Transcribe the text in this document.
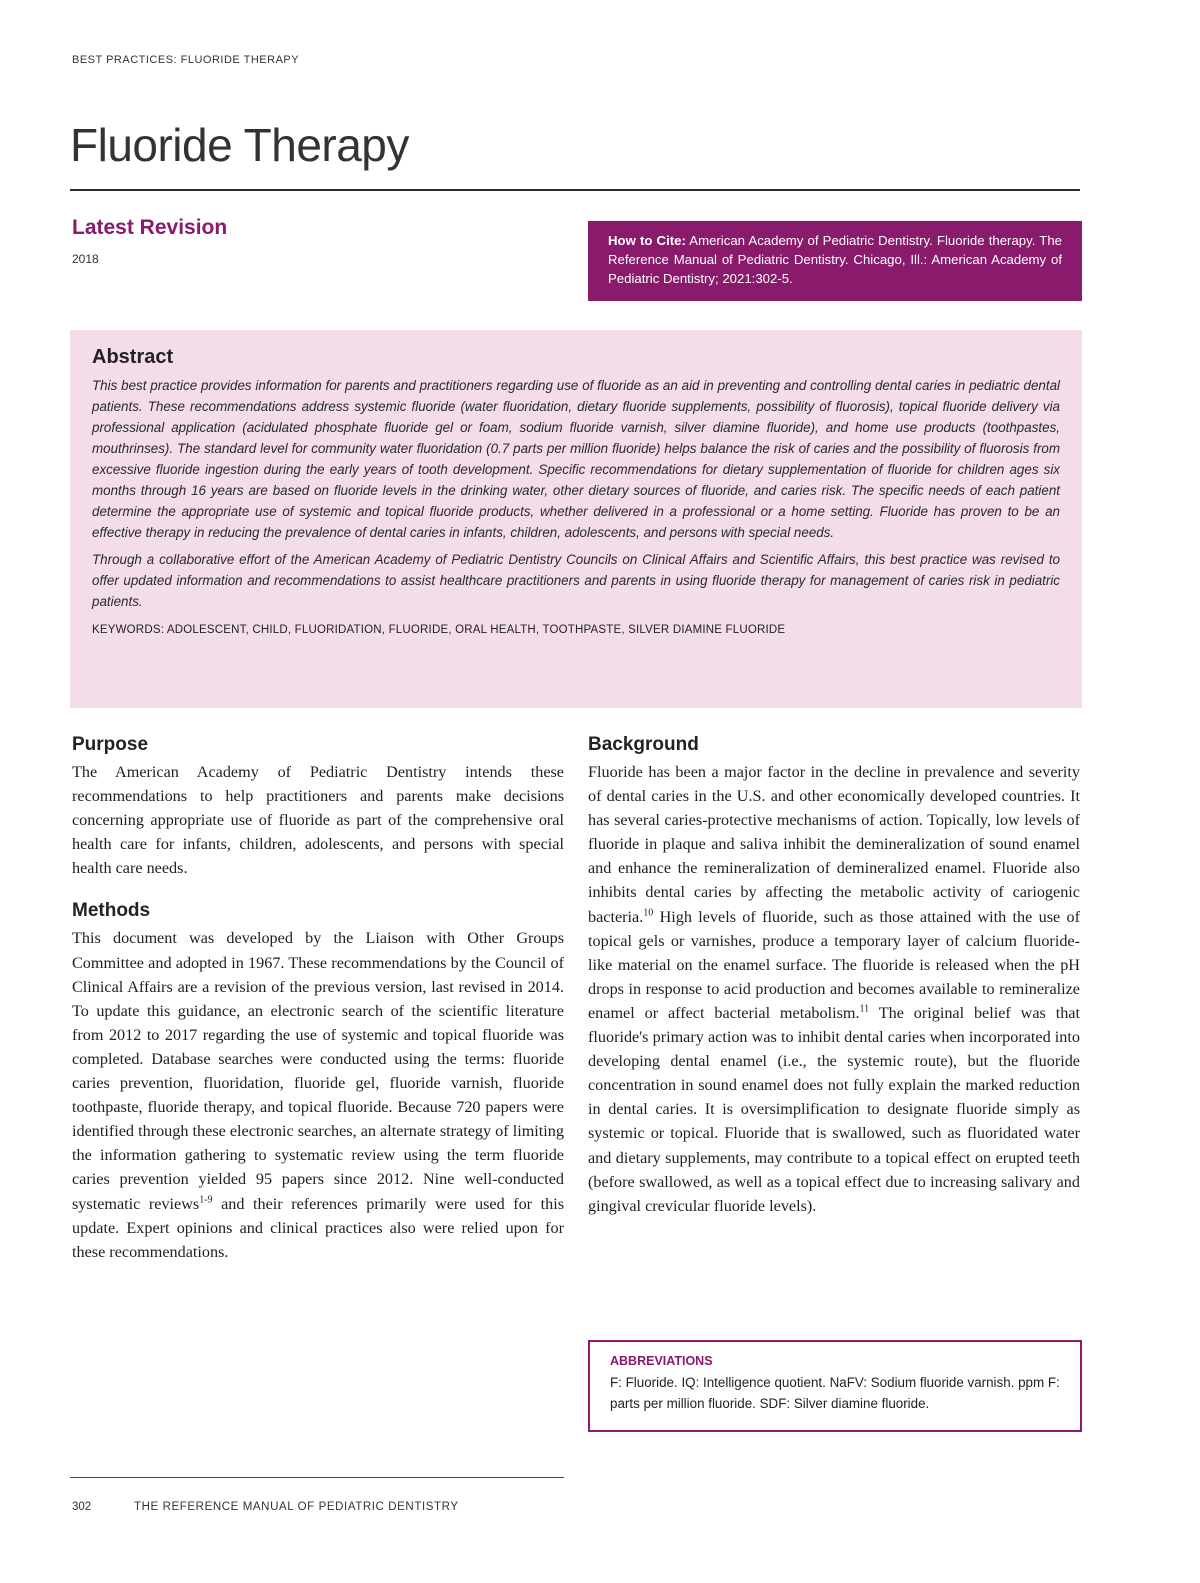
BEST PRACTICES: FLUORIDE THERAPY
Fluoride Therapy
Latest Revision
2018
How to Cite: American Academy of Pediatric Dentistry. Fluoride therapy. The Reference Manual of Pediatric Dentistry. Chicago, Ill.: American Academy of Pediatric Dentistry; 2021:302-5.
Abstract

This best practice provides information for parents and practitioners regarding use of fluoride as an aid in preventing and controlling dental caries in pediatric dental patients. These recommendations address systemic fluoride (water fluoridation, dietary fluoride supplements, possibility of fluorosis), topical fluoride delivery via professional application (acidulated phosphate fluoride gel or foam, sodium fluoride varnish, silver diamine fluoride), and home use products (toothpastes, mouthrinses). The standard level for community water fluoridation (0.7 parts per million fluoride) helps balance the risk of caries and the possibility of fluorosis from excessive fluoride ingestion during the early years of tooth development. Specific recommendations for dietary supplementation of fluoride for children ages six months through 16 years are based on fluoride levels in the drinking water, other dietary sources of fluoride, and caries risk. The specific needs of each patient determine the appropriate use of systemic and topical fluoride products, whether delivered in a professional or a home setting. Fluoride has proven to be an effective therapy in reducing the prevalence of dental caries in infants, children, adolescents, and persons with special needs.

Through a collaborative effort of the American Academy of Pediatric Dentistry Councils on Clinical Affairs and Scientific Affairs, this best practice was revised to offer updated information and recommendations to assist healthcare practitioners and parents in using fluoride therapy for management of caries risk in pediatric patients.

KEYWORDS: ADOLESCENT, CHILD, FLUORIDATION, FLUORIDE, ORAL HEALTH, TOOTHPASTE, SILVER DIAMINE FLUORIDE
Purpose

The American Academy of Pediatric Dentistry intends these recommendations to help practitioners and parents make decisions concerning appropriate use of fluoride as part of the comprehensive oral health care for infants, children, adolescents, and persons with special health care needs.

Methods

This document was developed by the Liaison with Other Groups Committee and adopted in 1967. These recommendations by the Council of Clinical Affairs are a revision of the previous version, last revised in 2014. To update this guidance, an electronic search of the scientific literature from 2012 to 2017 regarding the use of systemic and topical fluoride was completed. Database searches were conducted using the terms: fluoride caries prevention, fluoridation, fluoride gel, fluoride varnish, fluoride toothpaste, fluoride therapy, and topical fluoride. Because 720 papers were identified through these electronic searches, an alternate strategy of limiting the information gathering to systematic review using the term fluoride caries prevention yielded 95 papers since 2012. Nine well-conducted systematic reviews$^{1-9}$ and their references primarily were used for this update. Expert opinions and clinical practices also were relied upon for these recommendations.

Background

Fluoride has been a major factor in the decline in prevalence and severity of dental caries in the U.S. and other economically developed countries. It has several caries-protective mechanisms of action. Topically, low levels of fluoride in plaque and saliva inhibit the demineralization of sound enamel and enhance the remineralization of demineralized enamel. Fluoride also inhibits dental caries by affecting the metabolic activity of cariogenic bacteria.$^{10}$ High levels of fluoride, such as those attained with the use of topical gels or varnishes, produce a temporary layer of calcium fluoride-like material on the enamel surface. The fluoride is released when the pH drops in response to acid production and becomes available to remineralize enamel or affect bacterial metabolism.$^{11}$ The original belief was that fluoride's primary action was to inhibit dental caries when incorporated into developing dental enamel (i.e., the systemic route), but the fluoride concentration in sound enamel does not fully explain the marked reduction in dental caries. It is oversimplification to designate fluoride simply as systemic or topical. Fluoride that is swallowed, such as fluoridated water and dietary supplements, may contribute to a topical effect on erupted teeth (before swallowed, as well as a topical effect due to increasing salivary and gingival crevicular fluoride levels).

ABBREVIATIONS

F: Fluoride. IQ: Intelligence quotient. NaFV: Sodium fluoride varnish. ppm F: parts per million fluoride. SDF: Silver diamine fluoride.

302	THE REFERENCE MANUAL OF PEDIATRIC DENTISTRY
